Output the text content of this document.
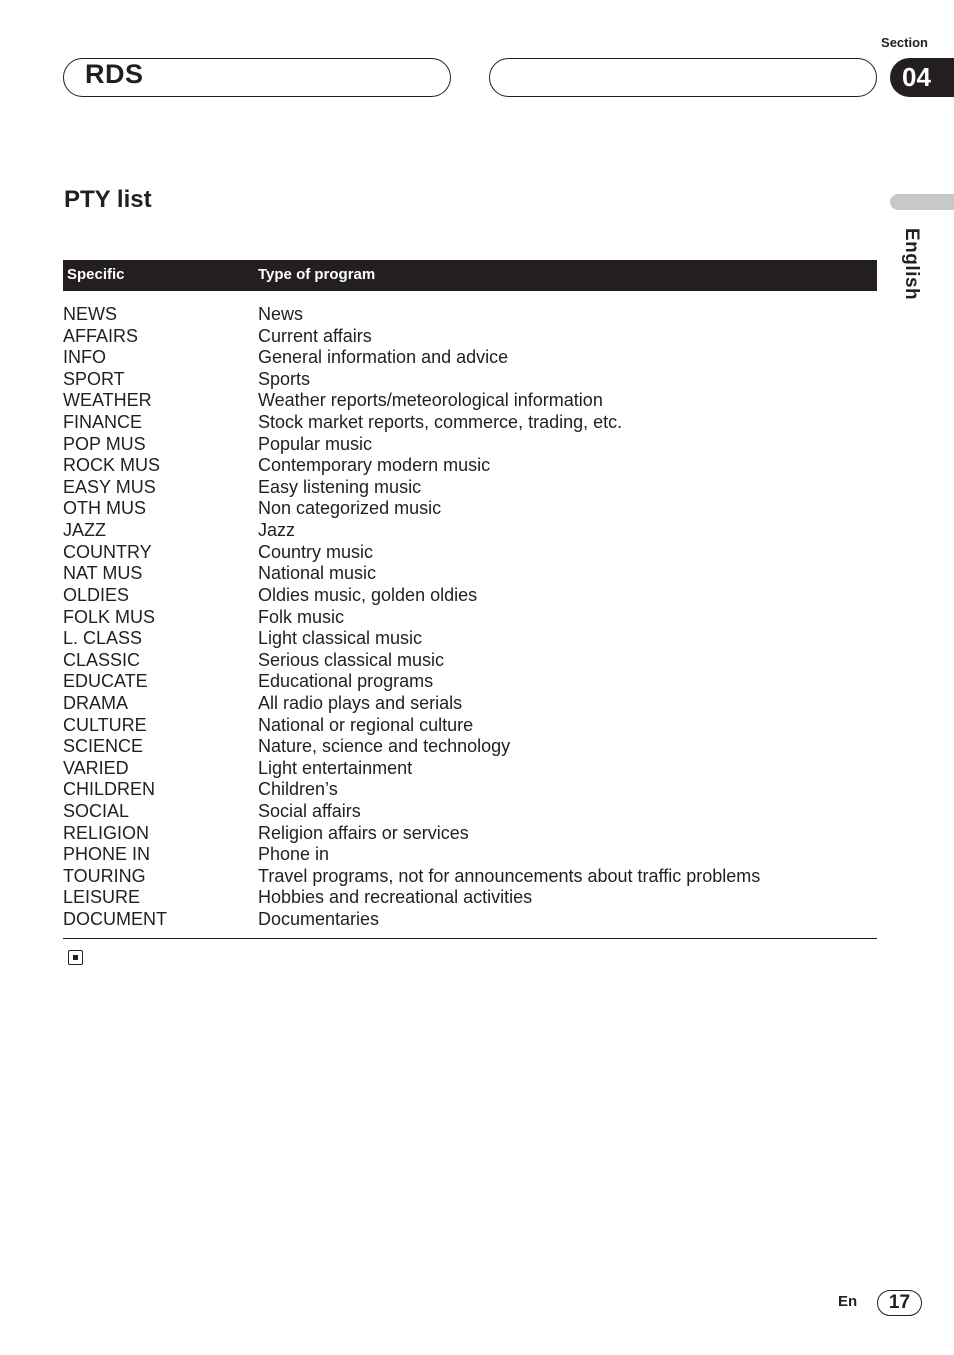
RDS
Section
04
English
PTY list
Specific	Type of program
NEWS	News
AFFAIRS	Current affairs
INFO	General information and advice
SPORT	Sports
WEATHER	Weather reports/meteorological information
FINANCE	Stock market reports, commerce, trading, etc.
POP MUS	Popular music
ROCK MUS	Contemporary modern music
EASY MUS	Easy listening music
OTH MUS	Non categorized music
JAZZ	Jazz
COUNTRY	Country music
NAT MUS	National music
OLDIES	Oldies music, golden oldies
FOLK MUS	Folk music
L. CLASS	Light classical music
CLASSIC	Serious classical music
EDUCATE	Educational programs
DRAMA	All radio plays and serials
CULTURE	National or regional culture
SCIENCE	Nature, science and technology
VARIED	Light entertainment
CHILDREN	Children’s
SOCIAL	Social affairs
RELIGION	Religion affairs or services
PHONE IN	Phone in
TOURING	Travel programs, not for announcements about traffic problems
LEISURE	Hobbies and recreational activities
DOCUMENT	Documentaries
En	17
